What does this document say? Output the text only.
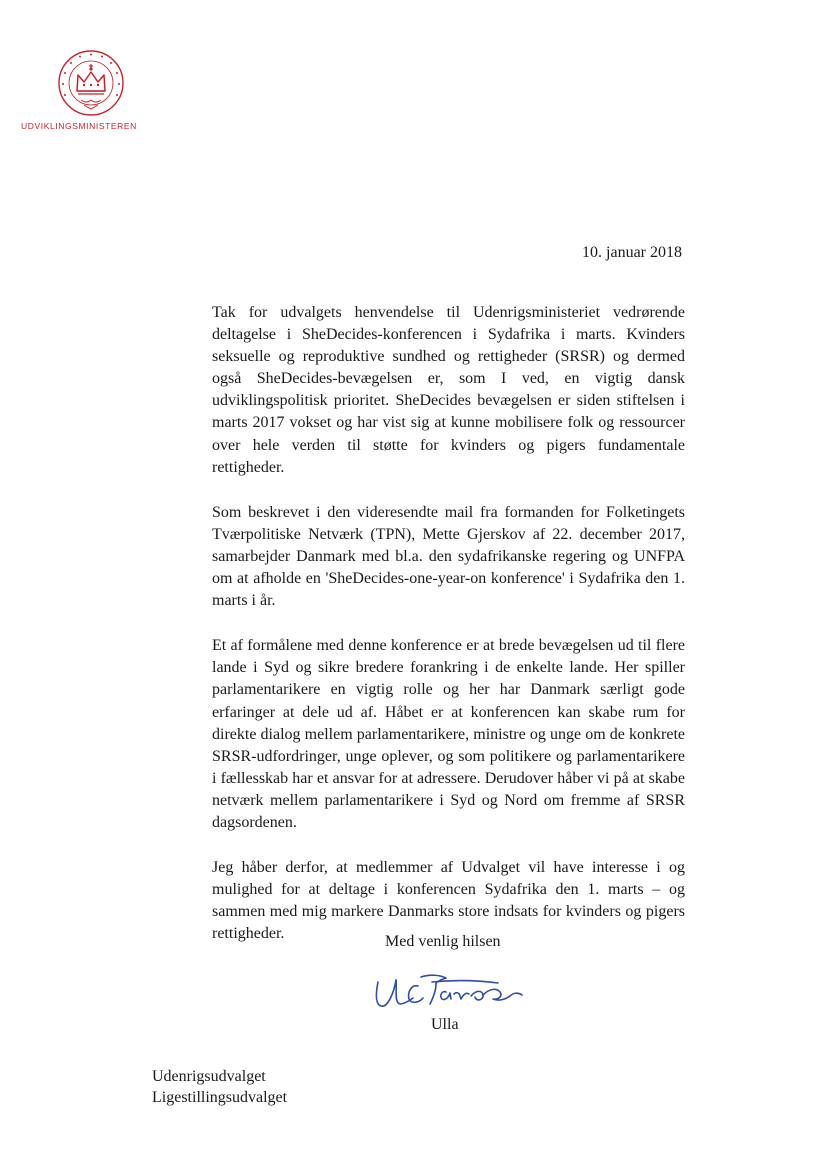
UDVIKLINGSMINISTEREN
10. januar 2018

Tak for udvalgets henvendelse til Udenrigsministeriet vedrørende deltagelse i SheDecides-konferencen i Sydafrika i marts. Kvinders seksuelle og reproduktive sundhed og rettigheder (SRSR) og dermed også SheDecides-bevægelsen er, som I ved, en vigtig dansk udviklingspolitisk prioritet. SheDecides bevægelsen er siden stiftelsen i marts 2017 vokset og har vist sig at kunne mobilisere folk og ressourcer over hele verden til støtte for kvinders og pigers fundamentale rettigheder.

Som beskrevet i den videresendte mail fra formanden for Folketingets Tværpolitiske Netværk (TPN), Mette Gjerskov af 22. december 2017, samarbejder Danmark med bl.a. den sydafrikanske regering og UNFPA om at afholde en 'SheDecides-one-year-on konference' i Sydafrika den 1. marts i år.

Et af formålene med denne konference er at brede bevægelsen ud til flere lande i Syd og sikre bredere forankring i de enkelte lande. Her spiller parlamentarikere en vigtig rolle og her har Danmark særligt gode erfaringer at dele ud af. Håbet er at konferencen kan skabe rum for direkte dialog mellem parlamentarikere, ministre og unge om de konkrete SRSR-udfordringer, unge oplever, og som politikere og parlamentarikere i fællesskab har et ansvar for at adressere. Derudover håber vi på at skabe netværk mellem parlamentarikere i Syd og Nord om fremme af SRSR dagsordenen.

Jeg håber derfor, at medlemmer af Udvalget vil have interesse i og mulighed for at deltage i konferencen Sydafrika den 1. marts – og sammen med mig markere Danmarks store indsats for kvinders og pigers rettigheder.	Med venlig hilsen
Ulla
Udenrigsudvalget
Ligestillingsudvalget
